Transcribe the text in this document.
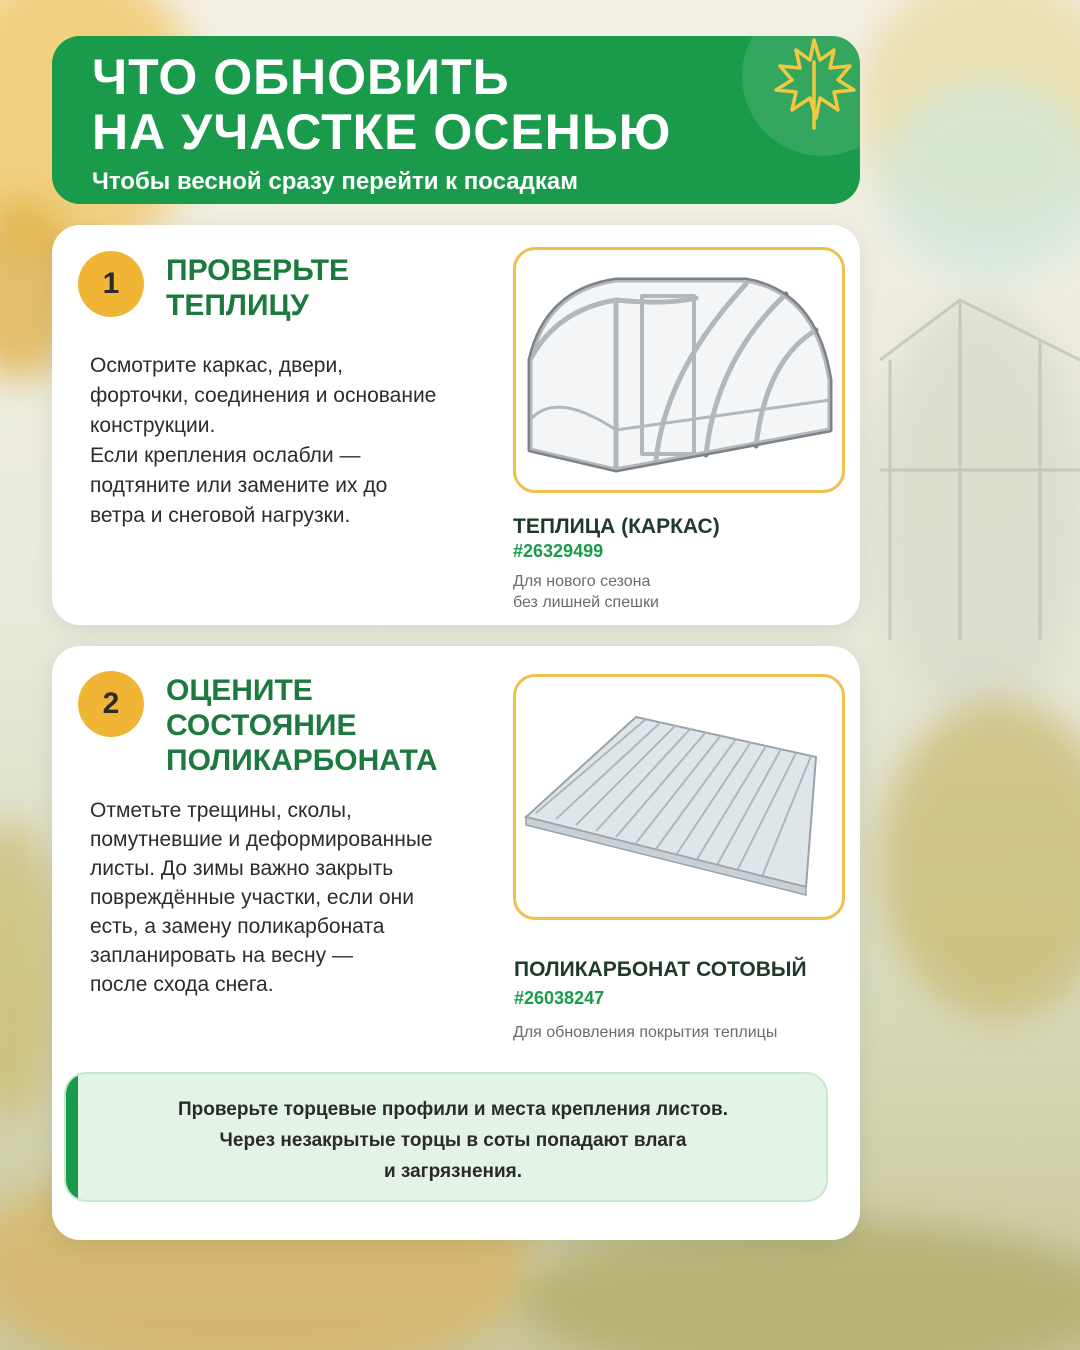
ЧТО ОБНОВИТЬ
НА УЧАСТКЕ ОСЕНЬЮ

Чтобы весной сразу перейти к посадкам

1	ПРОВЕРЬТЕ
ТЕПЛИЦУ

Осмотрите каркас, двери,

форточки, соединения и основание

конструкции.

Если крепления ослабли —

подтяните или замените их до

ветра и снеговой нагрузки.	ТЕПЛИЦА (КАРКАС)

#26329499

Для нового сезона
без лишней спешки
2	ОЦЕНИТЕ
СОСТОЯНИЕ
ПОЛИКАРБОНАТА

Отметьте трещины, сколы,

помутневшие и деформированные

листы. До зимы важно закрыть

повреждённые участки, если они

есть, а замену поликарбоната

запланировать на весну —

после схода снега.

ПОЛИКАРБОНАТ СОТОВЫЙ

#26038247

Для обновления покрытия теплицы

Проверьте торцевые профили и места крепления листов.
Через незакрытые торцы в соты попадают влага
и загрязнения.
